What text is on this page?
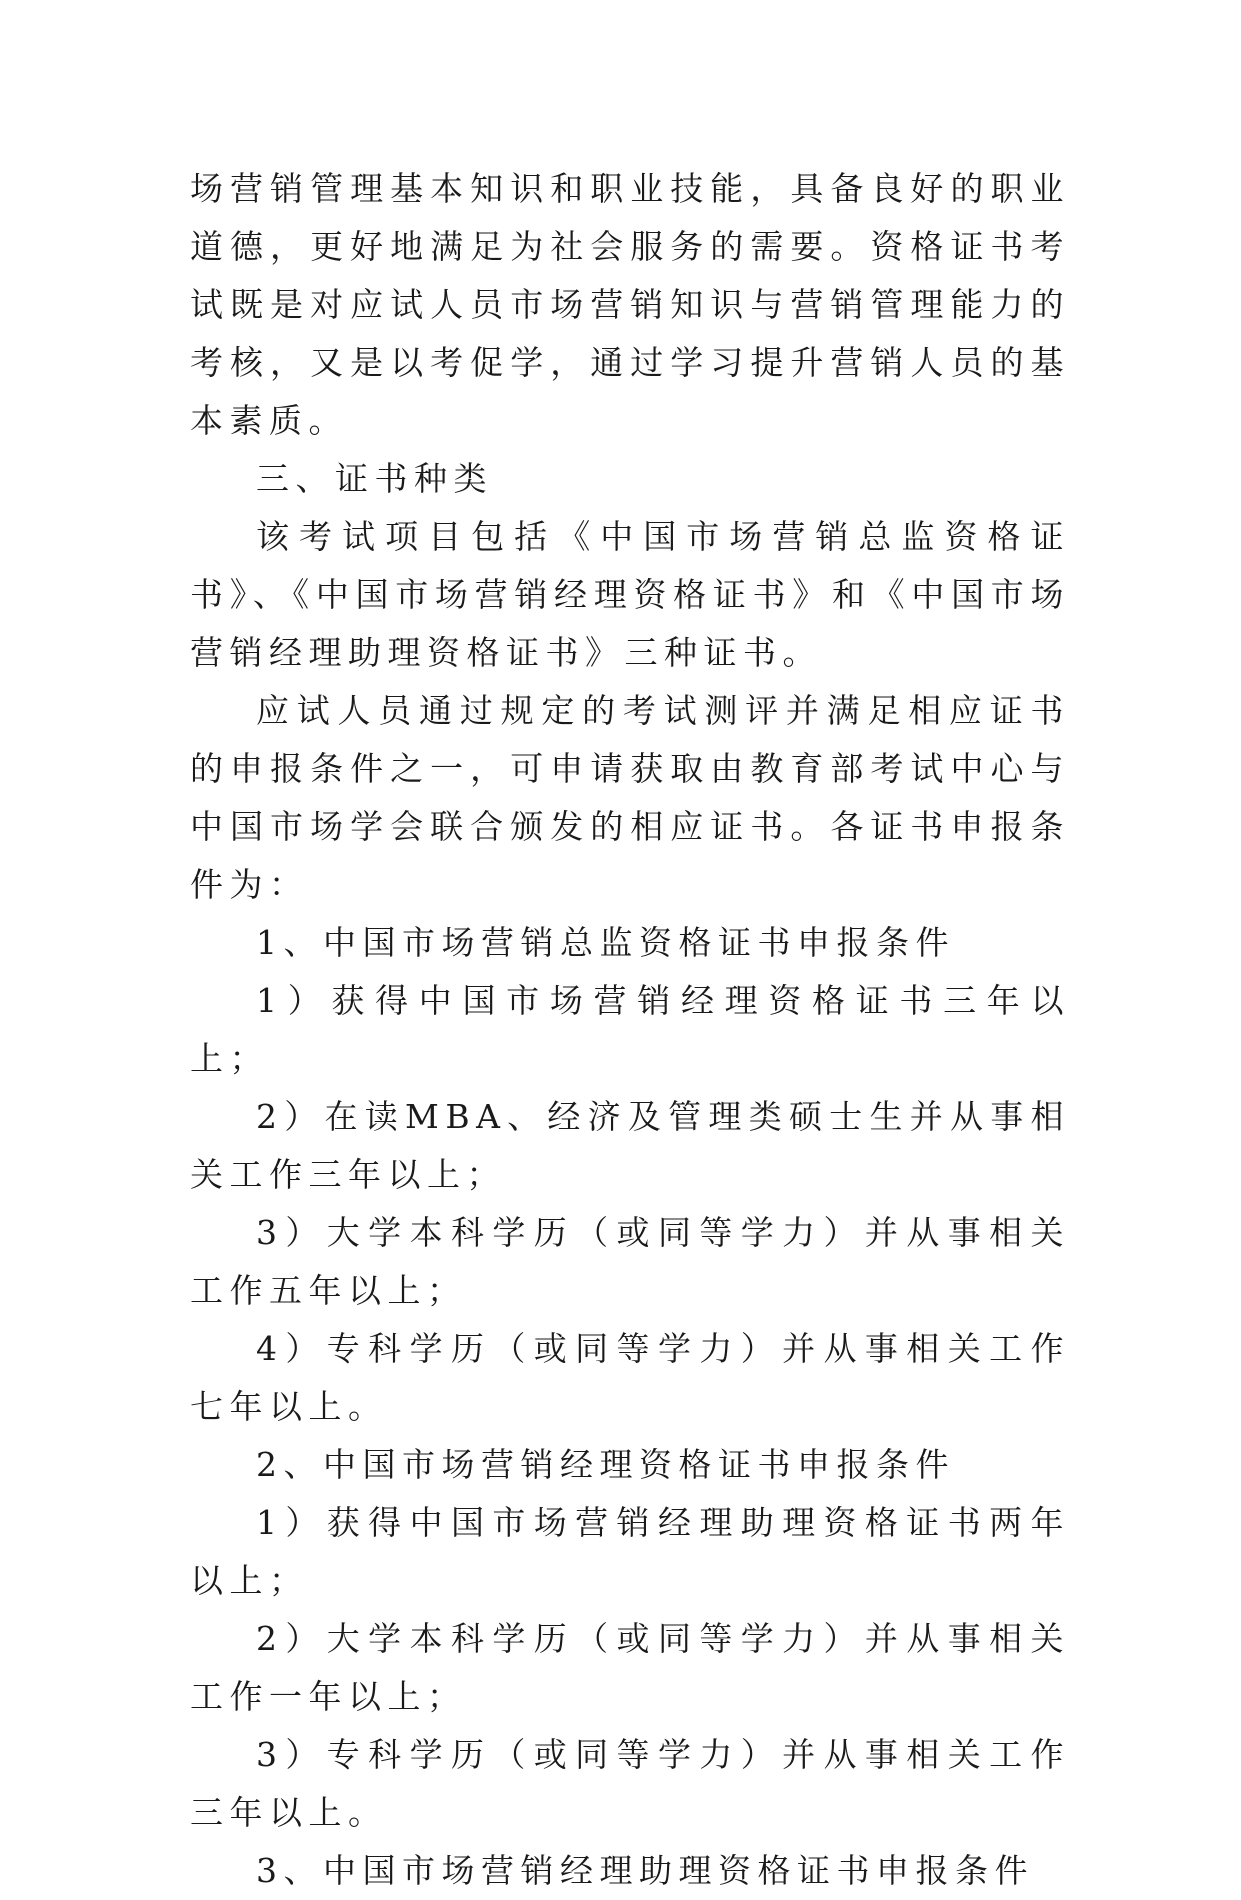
场营销管理基本知识和职业技能，具备良好的职业道德，更好地满足为社会服务的需要。资格证书考试既是对应试人员市场营销知识与营销管理能力的考核，又是以考促学，通过学习提升营销人员的基本素质。

三、证书种类

该考试项目包括《中国市场营销总监资格证书》、《中国市场营销经理资格证书》和《中国市场营销经理助理资格证书》三种证书。

应试人员通过规定的考试测评并满足相应证书的申报条件之一，可申请获取由教育部考试中心与中国市场学会联合颁发的相应证书。各证书申报条件为：

1、中国市场营销总监资格证书申报条件

1）获得中国市场营销经理资格证书三年以上；

2）在读MBA、经济及管理类硕士生并从事相关工作三年以上；

3）大学本科学历（或同等学力）并从事相关工作五年以上；

4）专科学历（或同等学力）并从事相关工作七年以上。

2、中国市场营销经理资格证书申报条件

1）获得中国市场营销经理助理资格证书两年以上；

2）大学本科学历（或同等学力）并从事相关工作一年以上；

3）专科学历（或同等学力）并从事相关工作三年以上。

3、中国市场营销经理助理资格证书申报条件
